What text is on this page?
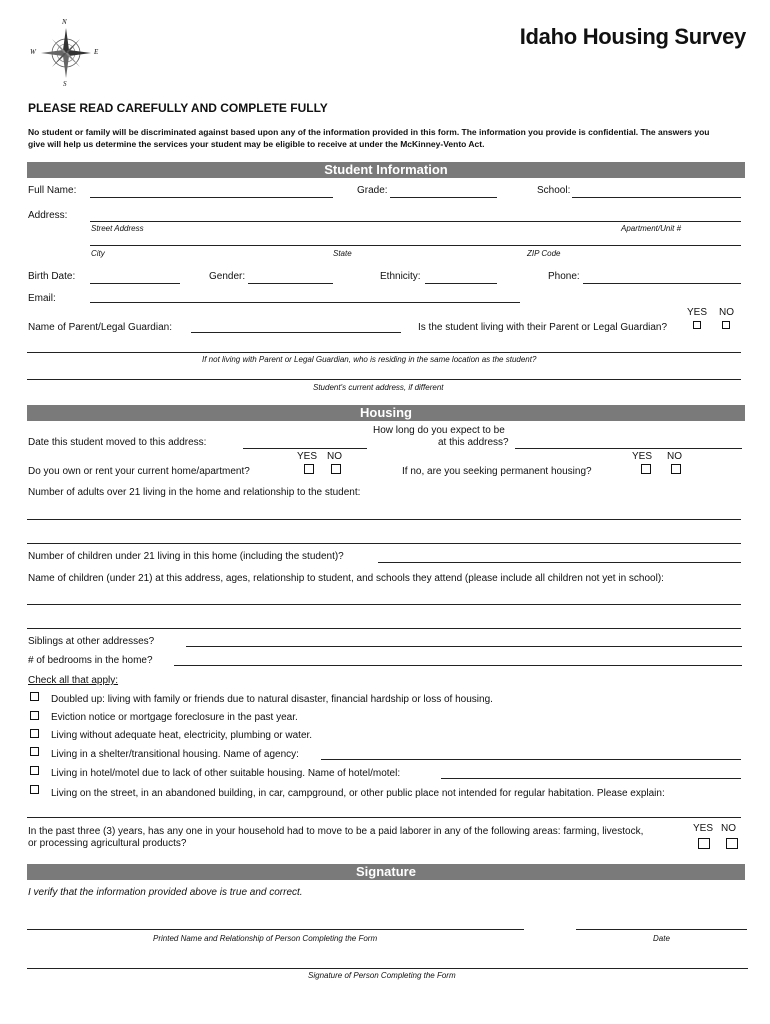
N
W	E
S
Idaho Housing Survey
PLEASE READ CAREFULLY AND COMPLETE FULLY
No student or family will be discriminated against based upon any of the information provided in this form. The information you provide is confidential. The answers you give will help us determine the services your student may be eligible to receive at under the McKinney-Vento Act.
Student Information
Full Name:	Grade:	School:
Address:
Street Address	Apartment/Unit #
City	State	ZIP Code
Birth Date:	Gender:	Ethnicity:	Phone:
Email:
YES NO
Name of Parent/Legal Guardian:	Is the student living with their Parent or Legal Guardian?
If not living with Parent or Legal Guardian, who is residing in the same location as the student?
Student's current address, if different
Housing
How long do you expect to be
Date this student moved to this address:	at this address?
YES NO	YES NO
Do you own or rent your current home/apartment?	If no, are you seeking permanent housing?
Number of adults over 21 living in the home and relationship to the student:
Number of children under 21 living in this home (including the student)?
Name of children (under 21) at this address, ages, relationship to student, and schools they attend (please include all children not yet in school):
Siblings at other addresses?
# of bedrooms in the home?
Check all that apply:
Doubled up: living with family or friends due to natural disaster, financial hardship or loss of housing.
Eviction notice or mortgage foreclosure in the past year.
Living without adequate heat, electricity, plumbing or water.
Living in a shelter/transitional housing. Name of agency:
Living in hotel/motel due to lack of other suitable housing. Name of hotel/motel:
Living on the street, in an abandoned building, in car, campground, or other public place not intended for regular habitation. Please explain:
YES NO
In the past three (3) years, has any one in your household had to move to be a paid laborer in any of the following areas: farming, livestock,
or processing agricultural products?
Signature
I verify that the information provided above is true and correct.
Printed Name and Relationship of Person Completing the Form	Date
Signature of Person Completing the Form
